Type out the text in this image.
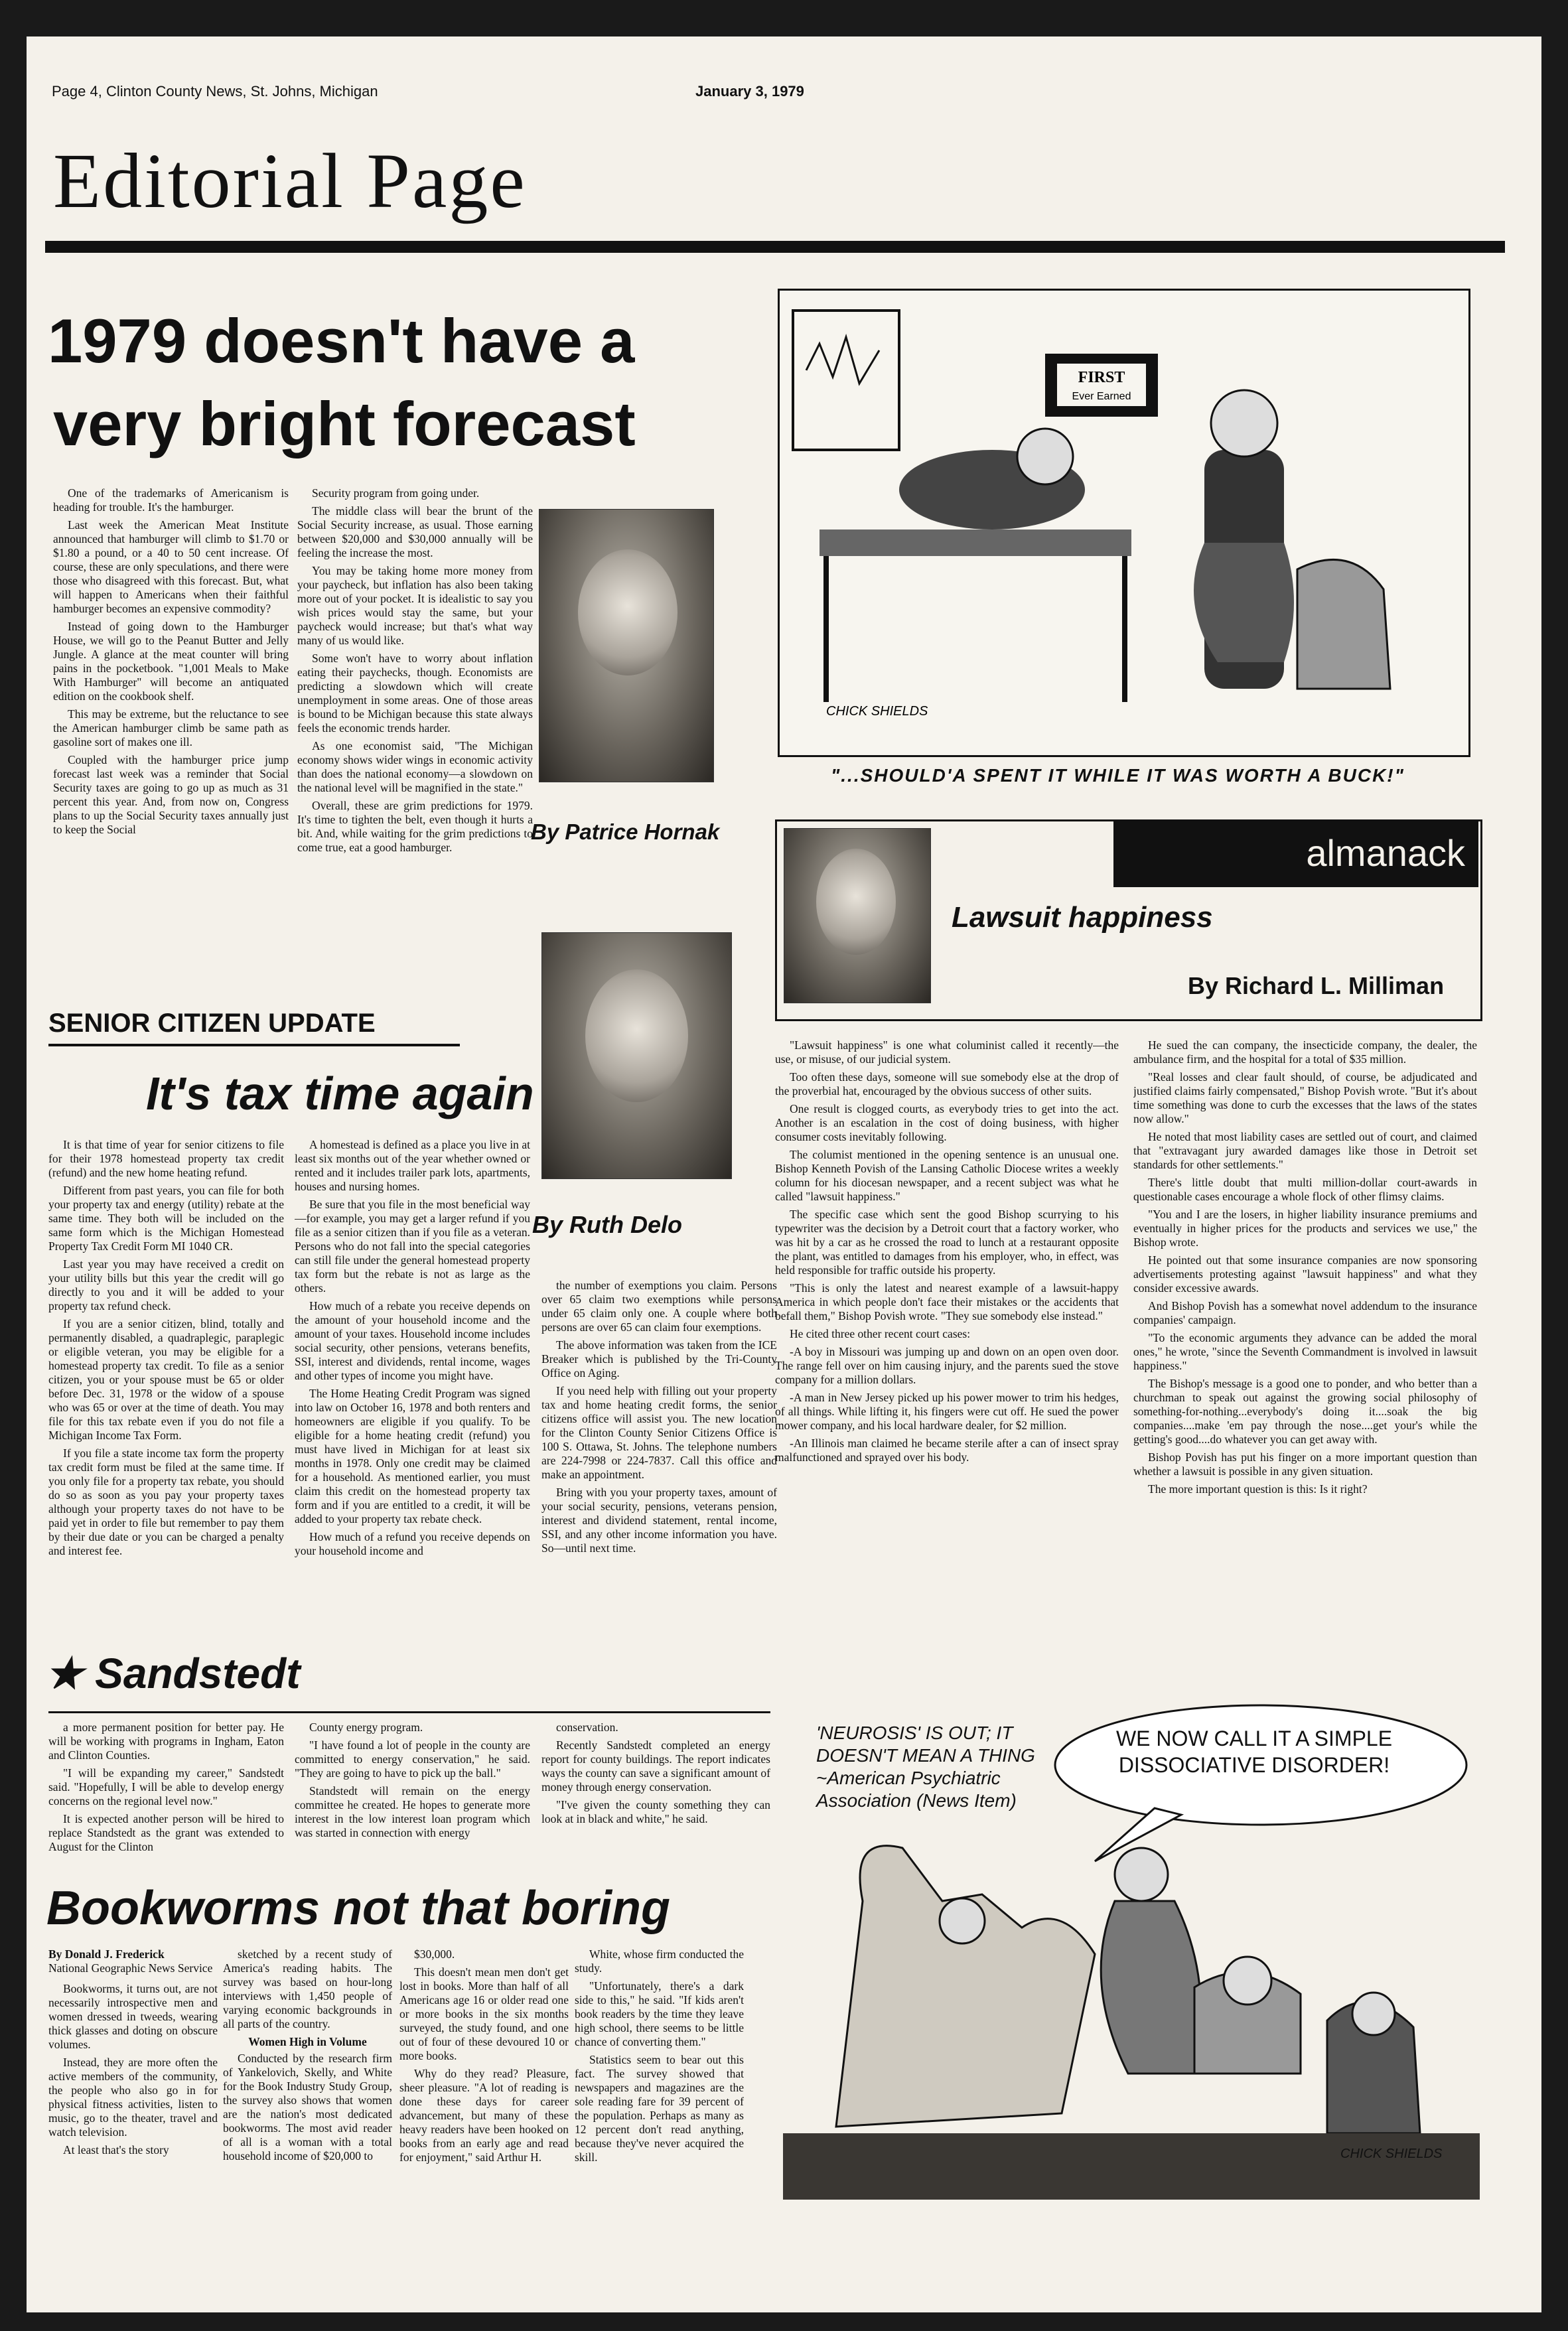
Page 4, Clinton County News, St. Johns, Michigan	January 3, 1979
Editorial Page
1979 doesn't have a
very bright forecast

One of the trademarks of Americanism is heading for trouble. It's the hamburger.

Last week the American Meat Institute announced that hamburger will climb to $1.70 or $1.80 a pound, or a 40 to 50 cent increase. Of course, these are only speculations, and there were those who disagreed with this forecast. But, what will happen to Americans when their faithful hamburger becomes an expensive commodity?

Instead of going down to the Hamburger House, we will go to the Peanut Butter and Jelly Jungle. A glance at the meat counter will bring pains in the pocketbook. "1,001 Meals to Make With Hamburger" will become an antiquated edition on the cookbook shelf.

This may be extreme, but the reluctance to see the American hamburger climb be same path as gasoline sort of makes one ill.

Coupled with the hamburger price jump forecast last week was a reminder that Social Security taxes are going to go up as much as 31 percent this year. And, from now on, Congress plans to up the Social Security taxes annually just to keep the Social

Security program from going under.

The middle class will bear the brunt of the Social Security increase, as usual. Those earning between $20,000 and $30,000 annually will be feeling the increase the most.

You may be taking home more money from your paycheck, but inflation has also been taking more out of your pocket. It is idealistic to say you wish prices would stay the same, but your paycheck would increase; but that's what way many of us would like.

Some won't have to worry about inflation eating their paychecks, though. Economists are predicting a slowdown which will create unemployment in some areas. One of those areas is bound to be Michigan because this state always feels the economic trends harder.

As one economist said, "The Michigan economy shows wider wings in economic activity than does the national economy—a slowdown on the national level will be magnified in the state."

Overall, these are grim predictions for 1979. It's time to tighten the belt, even though it hurts a bit. And, while waiting for the grim predictions to come true, eat a good hamburger.

By Patrice Hornak
FIRST
Ever Earned
CHICK SHIELDS
"...SHOULD'A SPENT IT WHILE IT WAS WORTH A BUCK!"
almanack
Lawsuit happiness
By Richard L. Milliman

"Lawsuit happiness" is one what columinist called it recently—the use, or misuse, of our judicial system.

Too often these days, someone will sue somebody else at the drop of the proverbial hat, encouraged by the obvious success of other suits.

One result is clogged courts, as everybody tries to get into the act. Another is an escalation in the cost of doing business, with higher consumer costs inevitably following.

The columist mentioned in the opening sentence is an unusual one. Bishop Kenneth Povish of the Lansing Catholic Diocese writes a weekly column for his diocesan newspaper, and a recent subject was what he called "lawsuit happiness."

The specific case which sent the good Bishop scurrying to his typewriter was the decision by a Detroit court that a factory worker, who was hit by a car as he crossed the road to lunch at a restaurant opposite the plant, was entitled to damages from his employer, who, in effect, was held responsible for traffic outside his property.

"This is only the latest and nearest example of a lawsuit-happy America in which people don't face their mistakes or the accidents that befall them," Bishop Povish wrote. "They sue somebody else instead."

He cited three other recent court cases:

-A boy in Missouri was jumping up and down on an open oven door. The range fell over on him causing injury, and the parents sued the stove company for a million dollars.

-A man in New Jersey picked up his power mower to trim his hedges, of all things. While lifting it, his fingers were cut off. He sued the power mower company, and his local hardware dealer, for $2 million.

-An Illinois man claimed he became sterile after a can of insect spray malfunctioned and sprayed over his body.

He sued the can company, the insecticide company, the dealer, the ambulance firm, and the hospital for a total of $35 million.

"Real losses and clear fault should, of course, be adjudicated and justified claims fairly compensated," Bishop Povish wrote. "But it's about time something was done to curb the excesses that the laws of the states now allow."

He noted that most liability cases are settled out of court, and claimed that "extravagant jury awarded damages like those in Detroit set standards for other settlements."

There's little doubt that multi million-dollar court-awards in questionable cases encourage a whole flock of other flimsy claims.

"You and I are the losers, in higher liability insurance premiums and eventually in higher prices for the products and services we use," the Bishop wrote.

He pointed out that some insurance companies are now sponsoring advertisements protesting against "lawsuit happiness" and what they consider excessive awards.

And Bishop Povish has a somewhat novel addendum to the insurance companies' campaign.

"To the economic arguments they advance can be added the moral ones," he wrote, "since the Seventh Commandment is involved in lawsuit happiness."

The Bishop's message is a good one to ponder, and who better than a churchman to speak out against the growing social philosophy of something-for-nothing...everybody's doing it....soak the big companies....make 'em pay through the nose....get your's while the getting's good....do whatever you can get away with.

Bishop Povish has put his finger on a more important question than whether a lawsuit is possible in any given situation.

The more important question is this: Is it right?

SENIOR CITIZEN UPDATE
It's tax time again
By Ruth Delo

It is that time of year for senior citizens to file for their 1978 homestead property tax credit (refund) and the new home heating refund.

Different from past years, you can file for both your property tax and energy (utility) rebate at the same time. They both will be included on the same form which is the Michigan Homestead Property Tax Credit Form MI 1040 CR.

Last year you may have received a credit on your utility bills but this year the credit will go directly to you and it will be added to your property tax refund check.

If you are a senior citizen, blind, totally and permanently disabled, a quadraplegic, paraplegic or eligible veteran, you may be eligible for a homestead property tax credit. To file as a senior citizen, you or your spouse must be 65 or older before Dec. 31, 1978 or the widow of a spouse who was 65 or over at the time of death. You may file for this tax rebate even if you do not file a Michigan Income Tax Form.

If you file a state income tax form the property tax credit form must be filed at the same time. If you only file for a property tax rebate, you should do so as soon as you pay your property taxes although your property taxes do not have to be paid yet in order to file but remember to pay them by their due date or you can be charged a penalty and interest fee.

A homestead is defined as a place you live in at least six months out of the year whether owned or rented and it includes trailer park lots, apartments, houses and nursing homes.

Be sure that you file in the most beneficial way—for example, you may get a larger refund if you file as a senior citizen than if you file as a veteran. Persons who do not fall into the special categories can still file under the general homestead property tax form but the rebate is not as large as the others.

How much of a rebate you receive depends on the amount of your household income and the amount of your taxes. Household income includes social security, other pensions, veterans benefits, SSI, interest and dividends, rental income, wages and other types of income you might have.

The Home Heating Credit Program was signed into law on October 16, 1978 and both renters and homeowners are eligible if you qualify. To be eligible for a home heating credit (refund) you must have lived in Michigan for at least six months in 1978. Only one credit may be claimed for a household. As mentioned earlier, you must claim this credit on the homestead property tax form and if you are entitled to a credit, it will be added to your property tax rebate check.

How much of a refund you receive depends on your household income and

the number of exemptions you claim. Persons over 65 claim two exemptions while persons under 65 claim only one. A couple where both persons are over 65 can claim four exemptions.

The above information was taken from the ICE Breaker which is published by the Tri-County Office on Aging.

If you need help with filling out your property tax and home heating credit forms, the senior citizens office will assist you. The new location for the Clinton County Senior Citizens Office is 100 S. Ottawa, St. Johns. The telephone numbers are 224-7998 or 224-7837. Call this office and make an appointment.

Bring with you your property taxes, amount of your social security, pensions, veterans pension, interest and dividend statement, rental income, SSI, and any other income information you have. So—until next time.

★ Sandstedt

a more permanent position for better pay. He will be working with programs in Ingham, Eaton and Clinton Counties.

"I will be expanding my career," Sandstedt said. "Hopefully, I will be able to develop energy concerns on the regional level now."

It is expected another person will be hired to replace Standstedt as the grant was extended to August for the Clinton

County energy program.

"I have found a lot of people in the county are committed to energy conservation," he said. "They are going to have to pick up the ball."

Standstedt will remain on the energy committee he created. He hopes to generate more interest in the low interest loan program which was started in connection with energy

conservation.

Recently Sandstedt completed an energy report for county buildings. The report indicates ways the county can save a significant amount of money through energy conservation.

"I've given the county something they can look at in black and white," he said.

Bookworms not that boring
By Donald J. Frederick
National Geographic News Service

Bookworms, it turns out, are not necessarily introspective men and women dressed in tweeds, wearing thick glasses and doting on obscure volumes.

Instead, they are more often the active members of the community, the people who also go in for physical fitness activities, listen to music, go to the theater, travel and watch television.

At least that's the story

sketched by a recent study of America's reading habits. The survey was based on hour-long interviews with 1,450 people of varying economic backgrounds in all parts of the country.

Women High in Volume

Conducted by the research firm of Yankelovich, Skelly, and White for the Book Industry Study Group, the survey also shows that women are the nation's most dedicated bookworms. The most avid reader of all is a woman with a total household income of $20,000 to

$30,000.

This doesn't mean men don't get lost in books. More than half of all Americans age 16 or older read one or more books in the six months surveyed, the study found, and one out of four of these devoured 10 or more books.

Why do they read? Pleasure, sheer pleasure. "A lot of reading is done these days for career advancement, but many of these heavy readers have been hooked on books from an early age and read for enjoyment," said Arthur H.

White, whose firm conducted the study.

"Unfortunately, there's a dark side to this," he said. "If kids aren't book readers by the time they leave high school, there seems to be little chance of converting them."

Statistics seem to bear out this fact. The survey showed that newspapers and magazines are the sole reading fare for 39 percent of the population. Perhaps as many as 12 percent don't read anything, because they've never acquired the skill.

'NEUROSIS' IS OUT; IT DOESN'T MEAN A THING ~American Psychiatric Association (News Item)
WE NOW CALL IT A SIMPLE DISSOCIATIVE DISORDER!
CHICK SHIELDS
